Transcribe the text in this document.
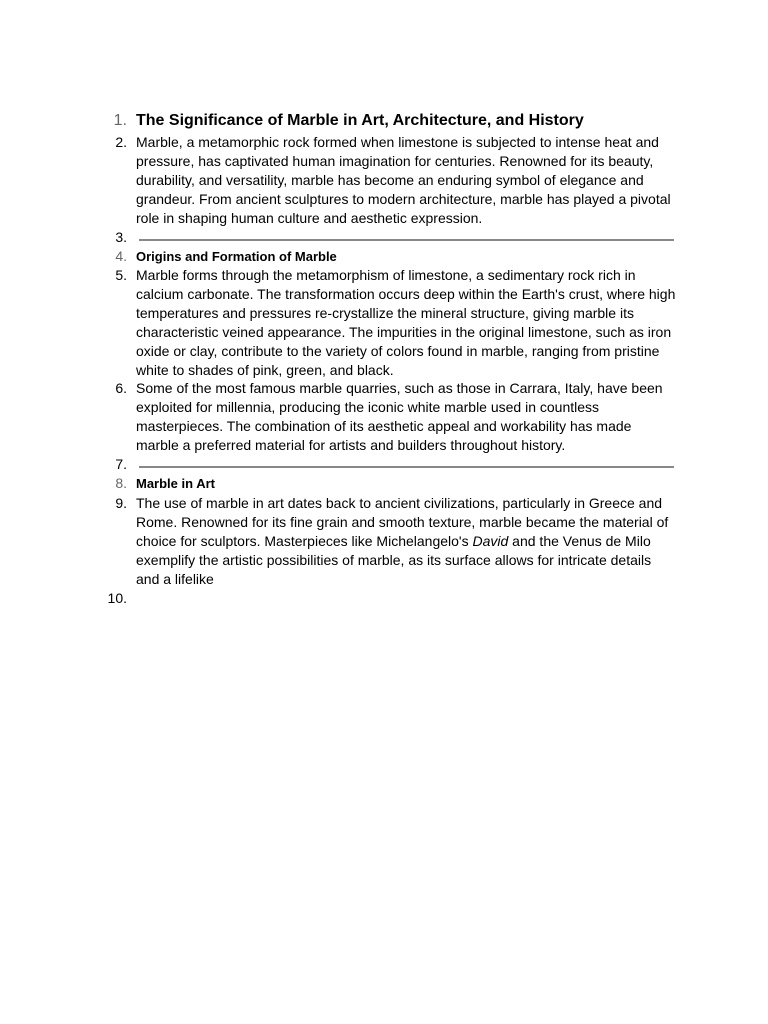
1. The Significance of Marble in Art, Architecture, and History
2. Marble, a metamorphic rock formed when limestone is subjected to intense heat and pressure, has captivated human imagination for centuries. Renowned for its beauty, durability, and versatility, marble has become an enduring symbol of elegance and grandeur. From ancient sculptures to modern architecture, marble has played a pivotal role in shaping human culture and aesthetic expression.
3.
4. Origins and Formation of Marble
5. Marble forms through the metamorphism of limestone, a sedimentary rock rich in calcium carbonate. The transformation occurs deep within the Earth's crust, where high temperatures and pressures re-crystallize the mineral structure, giving marble its characteristic veined appearance. The impurities in the original limestone, such as iron oxide or clay, contribute to the variety of colors found in marble, ranging from pristine white to shades of pink, green, and black.
6. Some of the most famous marble quarries, such as those in Carrara, Italy, have been exploited for millennia, producing the iconic white marble used in countless masterpieces. The combination of its aesthetic appeal and workability has made marble a preferred material for artists and builders throughout history.
7.
8. Marble in Art
9. The use of marble in art dates back to ancient civilizations, particularly in Greece and Rome. Renowned for its fine grain and smooth texture, marble became the material of choice for sculptors. Masterpieces like Michelangelo's David and the Venus de Milo exemplify the artistic possibilities of marble, as its surface allows for intricate details and a lifelike
10.
